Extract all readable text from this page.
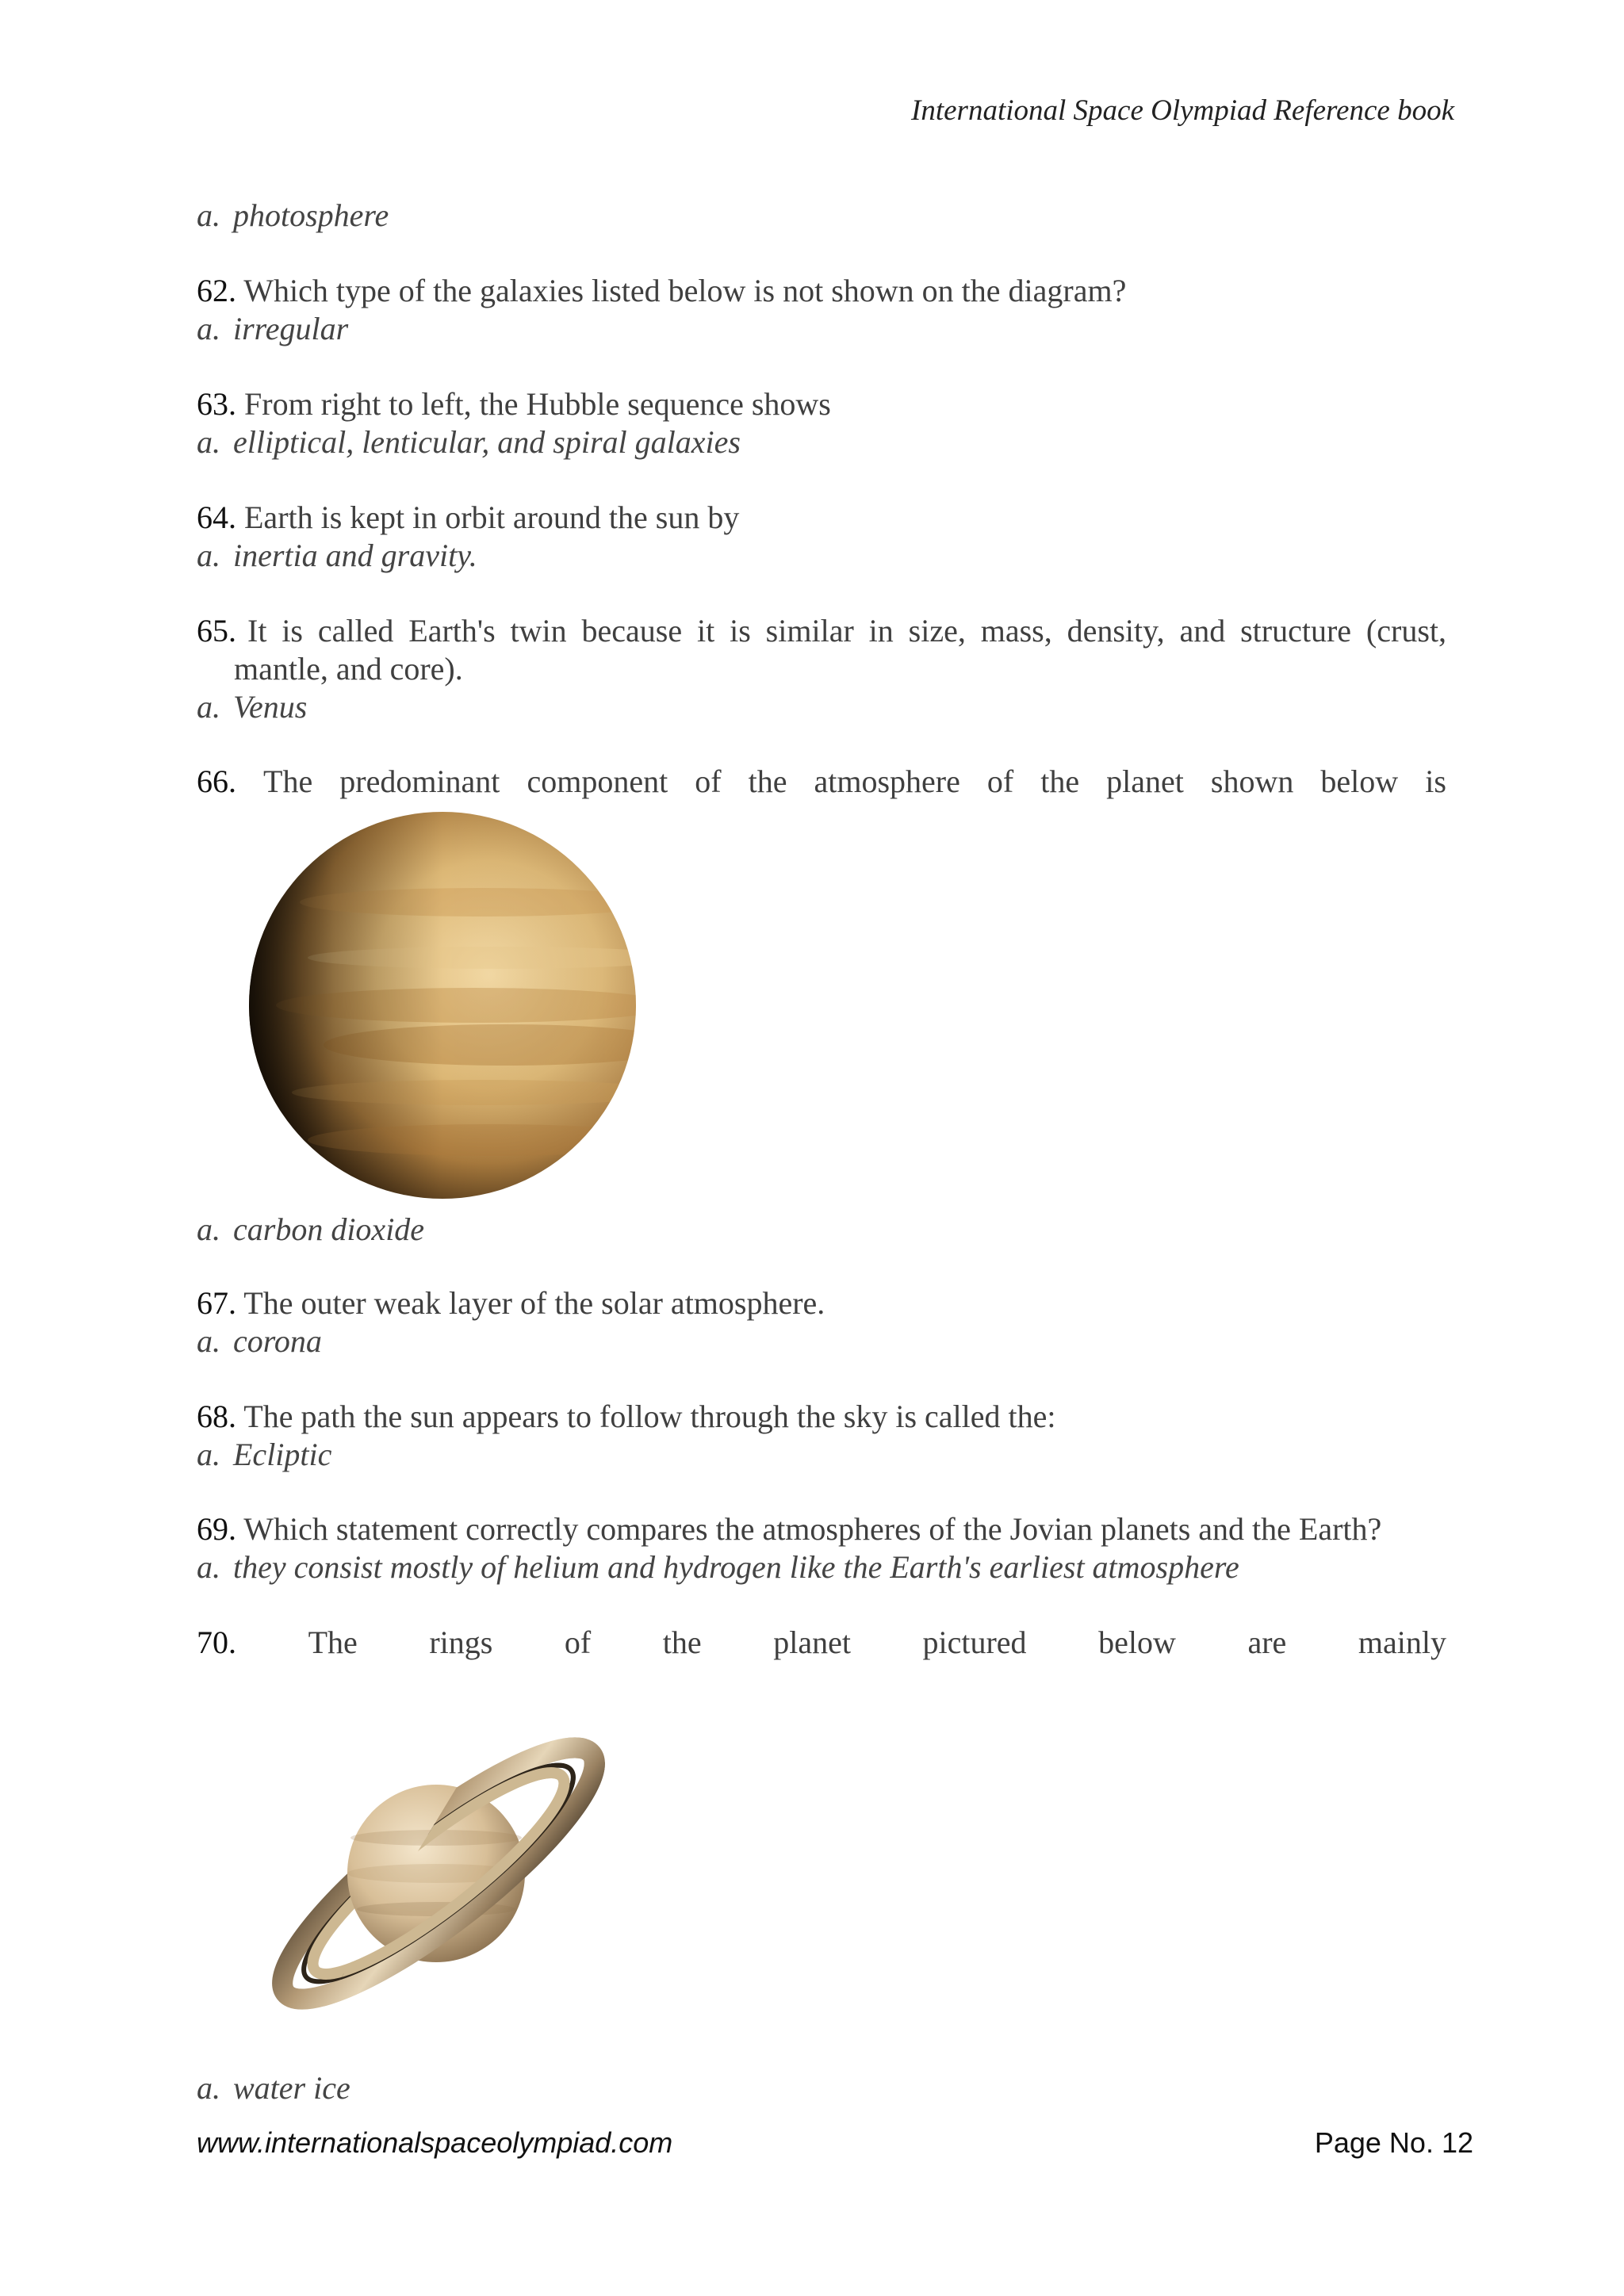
International Space Olympiad Reference book
a. photosphere
62. Which type of the galaxies listed below is not shown on the diagram?
a. irregular
63. From right to left, the Hubble sequence shows
a. elliptical, lenticular, and spiral galaxies
64. Earth is kept in orbit around the sun by
a. inertia and gravity.
65. It is called Earth's twin because it is similar in size, mass, density, and structure (crust,
mantle, and core).
a. Venus
66. The predominant component of the atmosphere of the planet shown below is
a. carbon dioxide
67. The outer weak layer of the solar atmosphere.
a. corona
68. The path the sun appears to follow through the sky is called the:
a. Ecliptic
69. Which statement correctly compares the atmospheres of the Jovian planets and the Earth?
a. they consist mostly of helium and hydrogen like the Earth's earliest atmosphere
70. The rings of the planet pictured below are mainly
a. water ice
www.internationalspaceolympiad.com	Page No. 12
